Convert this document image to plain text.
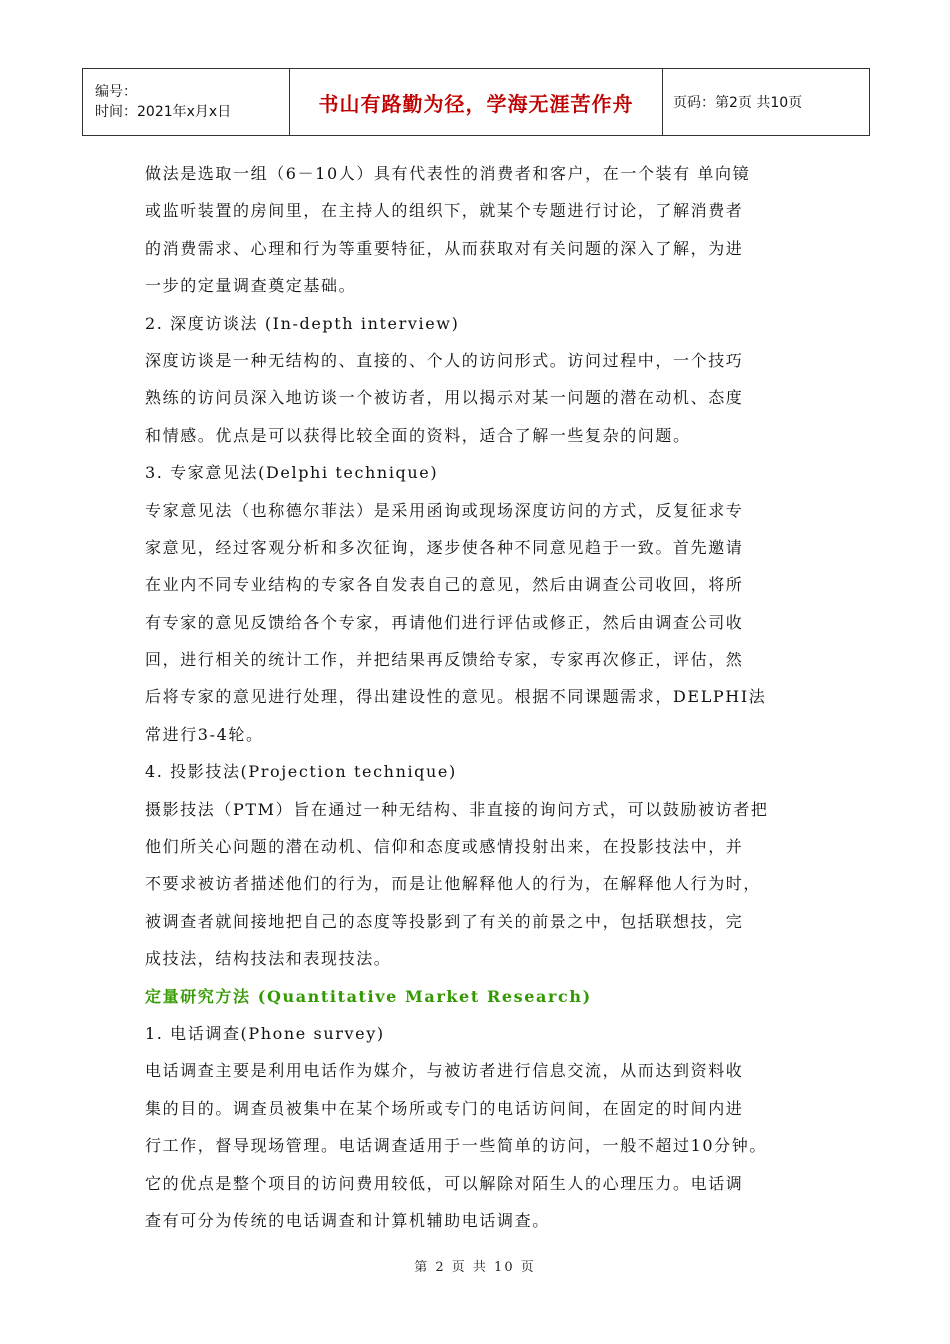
编号：
时间：2021年x月x日	书山有路勤为径，学海无涯苦作舟	页码：第2页 共10页

做法是选取一组（6－10人）具有代表性的消费者和客户，在一个装有 单向镜

或监听装置的房间里，在主持人的组织下，就某个专题进行讨论，了解消费者

的消费需求、心理和行为等重要特征，从而获取对有关问题的深入了解，为进

一步的定量调查奠定基础。

2. 深度访谈法 (In-depth interview)

深度访谈是一种无结构的、直接的、个人的访问形式。访问过程中，一个技巧

熟练的访问员深入地访谈一个被访者，用以揭示对某一问题的潜在动机、态度

和情感。优点是可以获得比较全面的资料，适合了解一些复杂的问题。

3. 专家意见法(Delphi technique)

专家意见法（也称德尔菲法）是采用函询或现场深度访问的方式，反复征求专

家意见，经过客观分析和多次征询，逐步使各种不同意见趋于一致。首先邀请

在业内不同专业结构的专家各自发表自己的意见，然后由调查公司收回，将所

有专家的意见反馈给各个专家，再请他们进行评估或修正，然后由调查公司收

回，进行相关的统计工作，并把结果再反馈给专家，专家再次修正，评估，然

后将专家的意见进行处理，得出建设性的意见。根据不同课题需求，DELPHI法

常进行3-4轮。

4. 投影技法(Projection technique)

摄影技法（PTM）旨在通过一种无结构、非直接的询问方式，可以鼓励被访者把

他们所关心问题的潜在动机、信仰和态度或感情投射出来，在投影技法中，并

不要求被访者描述他们的行为，而是让他解释他人的行为，在解释他人行为时，

被调查者就间接地把自己的态度等投影到了有关的前景之中，包括联想技，完

成技法，结构技法和表现技法。

定量研究方法 (Quantitative Market Research)

1. 电话调查(Phone survey)

电话调查主要是利用电话作为媒介，与被访者进行信息交流，从而达到资料收

集的目的。调查员被集中在某个场所或专门的电话访问间，在固定的时间内进

行工作，督导现场管理。电话调查适用于一些简单的访问，一般不超过10分钟。

它的优点是整个项目的访问费用较低，可以解除对陌生人的心理压力。电话调

查有可分为传统的电话调查和计算机辅助电话调查。

第 2 页 共 10 页
